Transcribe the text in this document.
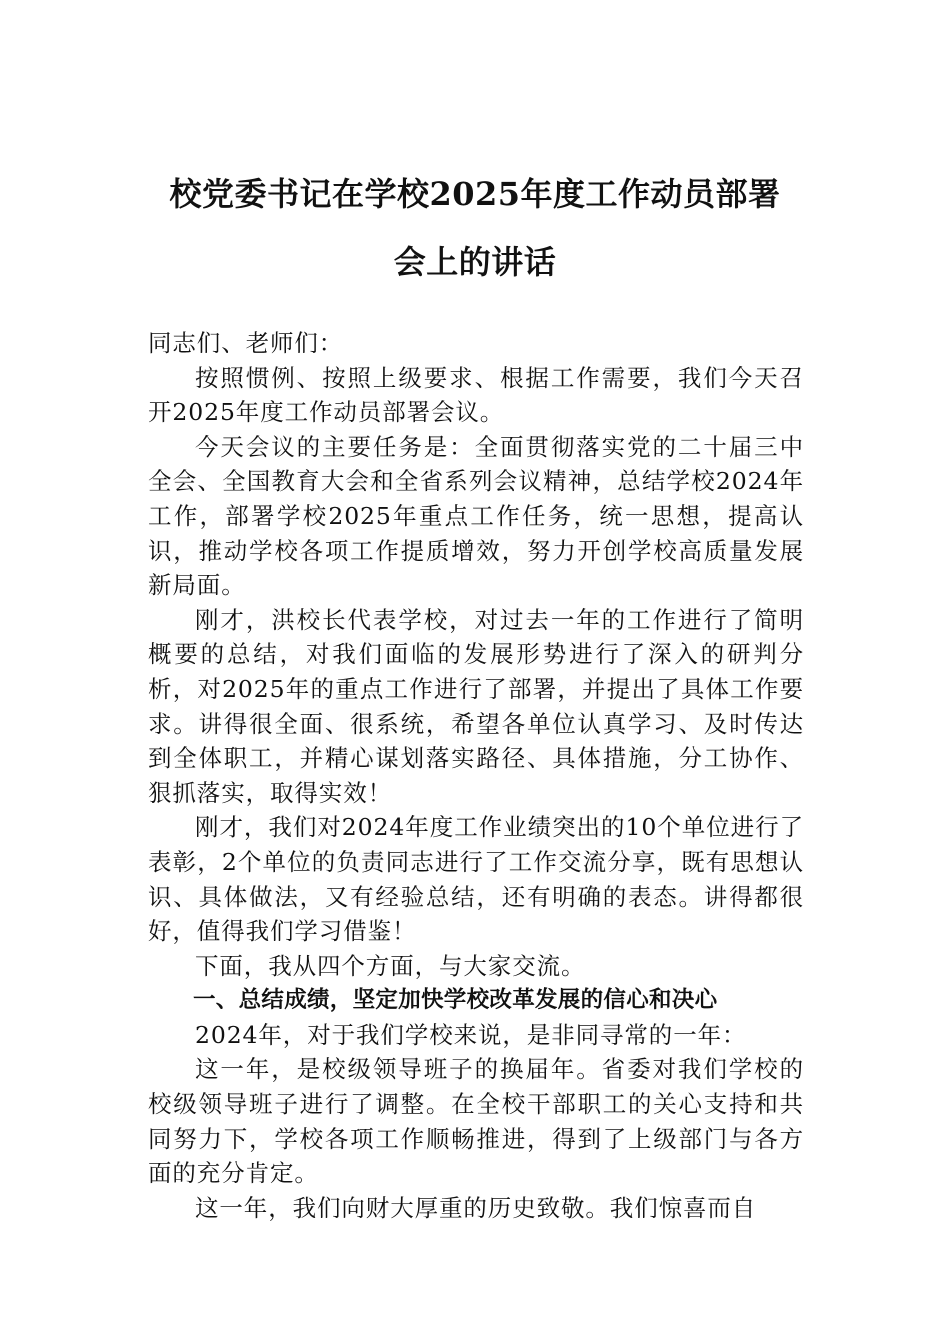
校党委书记在学校2025年度工作动员部署
会上的讲话

同志们、老师们：

按照惯例、按照上级要求、根据工作需要，我们今天召开2025年度工作动员部署会议。

今天会议的主要任务是：全面贯彻落实党的二十届三中全会、全国教育大会和全省系列会议精神，总结学校2024年工作，部署学校2025年重点工作任务，统一思想，提高认识，推动学校各项工作提质增效，努力开创学校高质量发展新局面。

刚才，洪校长代表学校，对过去一年的工作进行了简明概要的总结，对我们面临的发展形势进行了深入的研判分析，对2025年的重点工作进行了部署，并提出了具体工作要求。讲得很全面、很系统，希望各单位认真学习、及时传达到全体职工，并精心谋划落实路径、具体措施，分工协作、狠抓落实，取得实效！

刚才，我们对2024年度工作业绩突出的10个单位进行了表彰，2个单位的负责同志进行了工作交流分享，既有思想认识、具体做法，又有经验总结，还有明确的表态。讲得都很好，值得我们学习借鉴！

下面，我从四个方面，与大家交流。

一、总结成绩，坚定加快学校改革发展的信心和决心

2024年，对于我们学校来说，是非同寻常的一年：

这一年，是校级领导班子的换届年。省委对我们学校的校级领导班子进行了调整。在全校干部职工的关心支持和共同努力下，学校各项工作顺畅推进，得到了上级部门与各方面的充分肯定。

这一年，我们向财大厚重的历史致敬。我们惊喜而自
